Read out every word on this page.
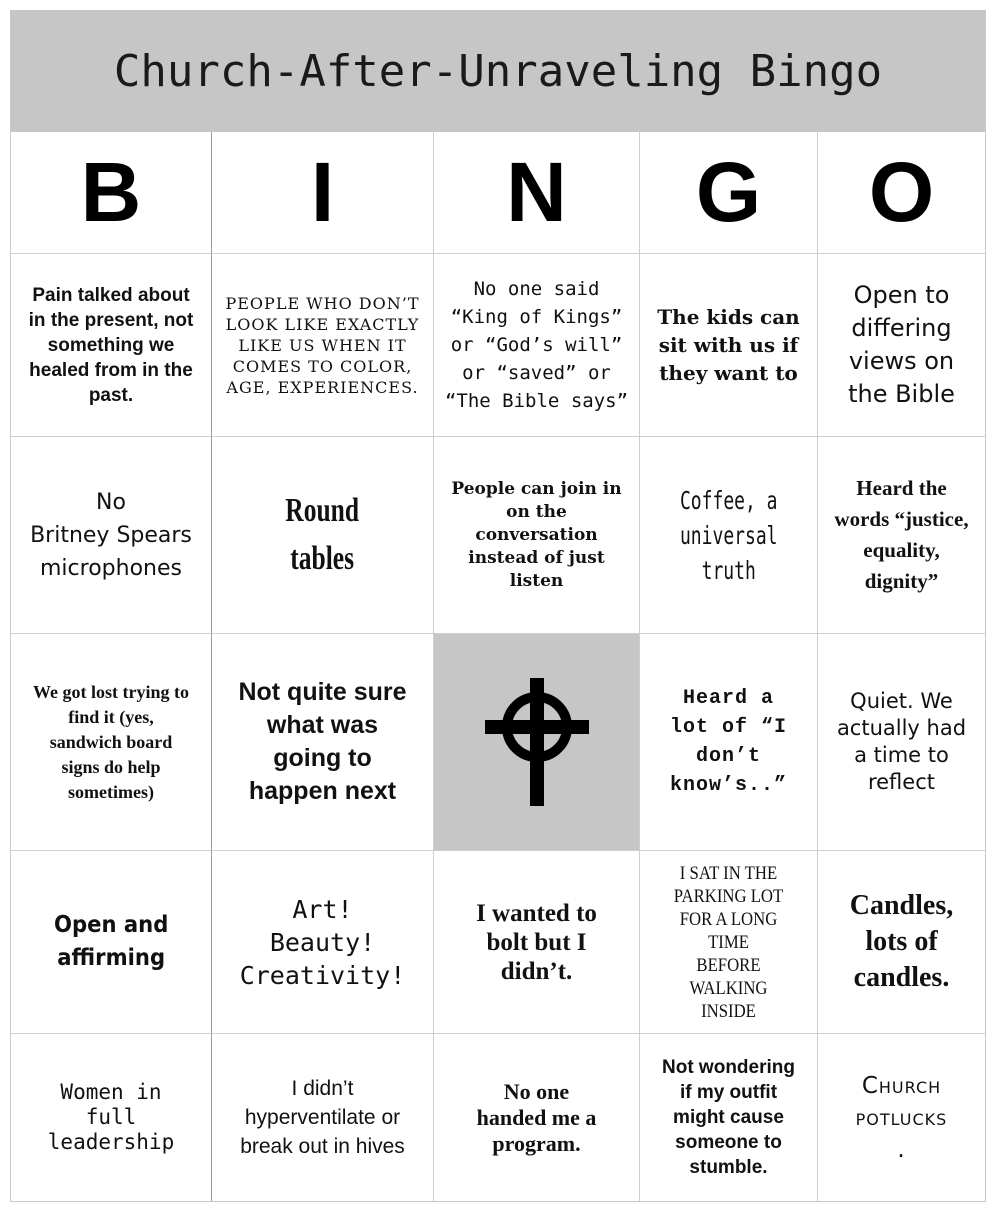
Church-After-Unraveling Bingo
B I N G O
Pain talked about
in the present, not
something we
healed from in the
past.
PEOPLE WHO DON’T
LOOK LIKE EXACTLY
LIKE US WHEN IT
COMES TO COLOR,
AGE, EXPERIENCES.
No one said
“King of Kings”
or “God’s will”
or “saved” or
“The Bible says”
The kids can
sit with us if
they want to
Open to
differing
views on
the Bible
No
Britney Spears
microphones
Round
tables
People can join in
on the
conversation
instead of just
listen
Coffee, a
universal
truth
Heard the
words “justice,
equality,
dignity”
We got lost trying to
find it (yes,
sandwich board
signs do help
sometimes)
Not quite sure
what was
going to
happen next
Heard a
lot of “I
don’t
know’s..”
Quiet. We
actually had
a time to
reflect
Open and
affirming
Art!
Beauty!
Creativity!
I wanted to
bolt but I
didn’t.
I SAT IN THE
PARKING LOT
FOR A LONG TIME
BEFORE WALKING
INSIDE
Candles,
lots of
candles.
Women in
full
leadership
I didn’t
hyperventilate or
break out in hives
No one
handed me a
program.
Not wondering
if my outfit
might cause
someone to
stumble.
Church
potlucks
.
